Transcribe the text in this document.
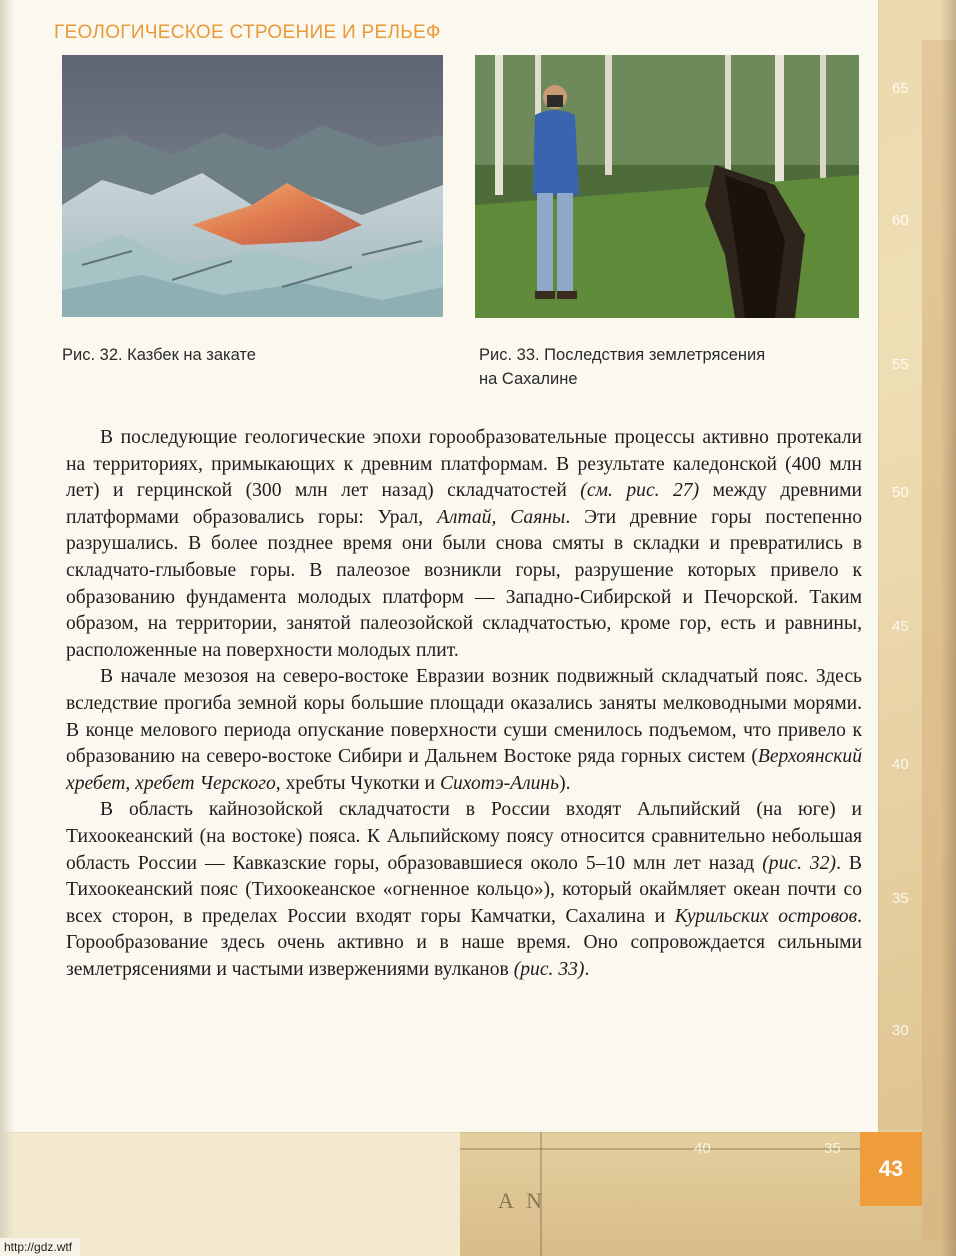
40	35
A N
65
60
55
50
45
40
35
30
ГЕОЛОГИЧЕСКОЕ СТРОЕНИЕ И РЕЛЬЕФ
Рис. 32. Казбек на закате	Рис. 33. Последствия землетрясения
на Сахалине

В последующие геологические эпохи горообразовательные процессы активно протекали на территориях, примыкающих к древним платформам. В результате каледонской (400 млн лет) и герцинской (300 млн лет назад) складчатостей (см. рис. 27) между древними платформами образовались горы: Урал, Алтай, Саяны. Эти древние горы постепенно разрушались. В более позднее время они были снова смяты в складки и превратились в складчато-глыбовые горы. В палеозое возникли горы, разрушение которых привело к образованию фундамента молодых платформ — Западно-Сибирской и Печорской. Таким образом, на территории, занятой палеозойской складчатостью, кроме гор, есть и равнины, расположенные на поверхности молодых плит.

В начале мезозоя на северо-востоке Евразии возник подвижный складчатый пояс. Здесь вследствие прогиба земной коры большие площади оказались заняты мелководными морями. В конце мелового периода опускание поверхности суши сменилось подъемом, что привело к образованию на северо-востоке Сибири и Дальнем Востоке ряда горных систем (Верхоянский хребет, хребет Черского, хребты Чукотки и Сихотэ-Алинь).

В область кайнозойской складчатости в России входят Альпийский (на юге) и Тихоокеанский (на востоке) пояса. К Альпийскому поясу относится сравнительно небольшая область России — Кавказские горы, образовавшиеся около 5–10 млн лет назад (рис. 32). В Тихоокеанский пояс (Тихоокеанское «огненное кольцо»), который окаймляет океан почти со всех сторон, в пределах России входят горы Камчатки, Сахалина и Курильских островов. Горообразование здесь очень активно и в наше время. Оно сопровождается сильными землетрясениями и частыми извержениями вулканов (рис. 33).

43
http://gdz.wtf
